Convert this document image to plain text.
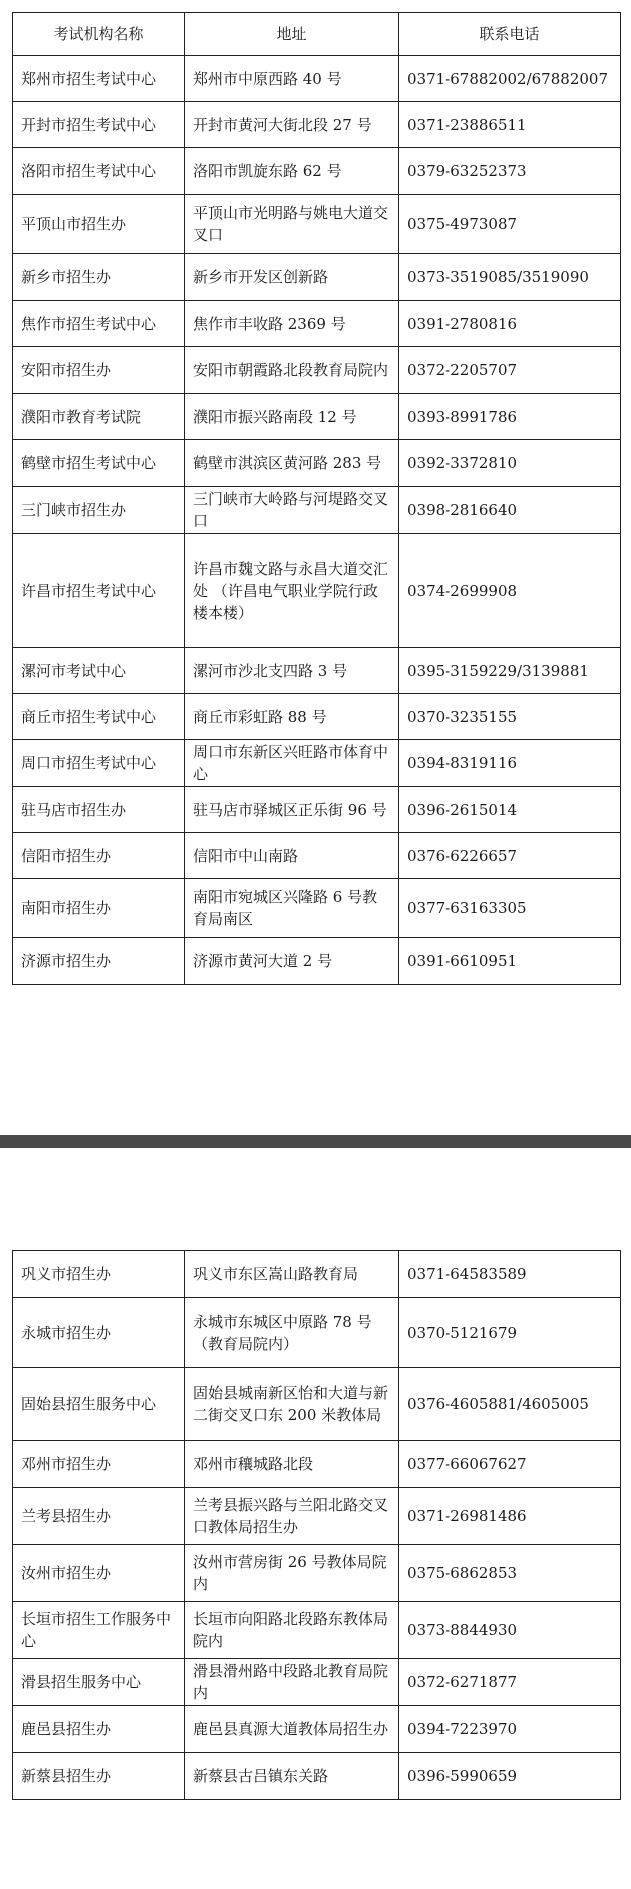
考试机构名称	地址	联系电话
郑州市招生考试中心	郑州市中原西路 40 号	0371-67882002/67882007
开封市招生考试中心	开封市黄河大街北段 27 号	0371-23886511
洛阳市招生考试中心	洛阳市凯旋东路 62 号	0379-63252373
平顶山市招生办	平顶山市光明路与姚电大道交叉口	0375-4973087
新乡市招生办	新乡市开发区创新路	0373-3519085/3519090
焦作市招生考试中心	焦作市丰收路 2369 号	0391-2780816
安阳市招生办	安阳市朝霞路北段教育局院内	0372-2205707
濮阳市教育考试院	濮阳市振兴路南段 12 号	0393-8991786
鹤壁市招生考试中心	鹤壁市淇滨区黄河路 283 号	0392-3372810
三门峡市招生办	三门峡市大岭路与河堤路交叉口	0398-2816640
许昌市招生考试中心	许昌市魏文路与永昌大道交汇处 （许昌电气职业学院行政楼本楼）	0374-2699908
漯河市考试中心	漯河市沙北支四路 3 号	0395-3159229/3139881
商丘市招生考试中心	商丘市彩虹路 88 号	0370-3235155
周口市招生考试中心	周口市东新区兴旺路市体育中心	0394-8319116
驻马店市招生办	驻马店市驿城区正乐街 96 号	0396-2615014
信阳市招生办	信阳市中山南路	0376-6226657
南阳市招生办	南阳市宛城区兴隆路 6 号教育局南区	0377-63163305
济源市招生办	济源市黄河大道 2 号	0391-6610951
巩义市招生办	巩义市东区嵩山路教育局	0371-64583589
永城市招生办	永城市东城区中原路 78 号（教育局院内）	0370-5121679
固始县招生服务中心	固始县城南新区怡和大道与新二街交叉口东 200 米教体局	0376-4605881/4605005
邓州市招生办	邓州市穰城路北段	0377-66067627
兰考县招生办	兰考县振兴路与兰阳北路交叉口教体局招生办	0371-26981486
汝州市招生办	汝州市营房街 26 号教体局院内	0375-6862853
长垣市招生工作服务中心	长垣市向阳路北段路东教体局院内	0373-8844930
滑县招生服务中心	滑县滑州路中段路北教育局院内	0372-6271877
鹿邑县招生办	鹿邑县真源大道教体局招生办	0394-7223970
新蔡县招生办	新蔡县古吕镇东关路	0396-5990659
